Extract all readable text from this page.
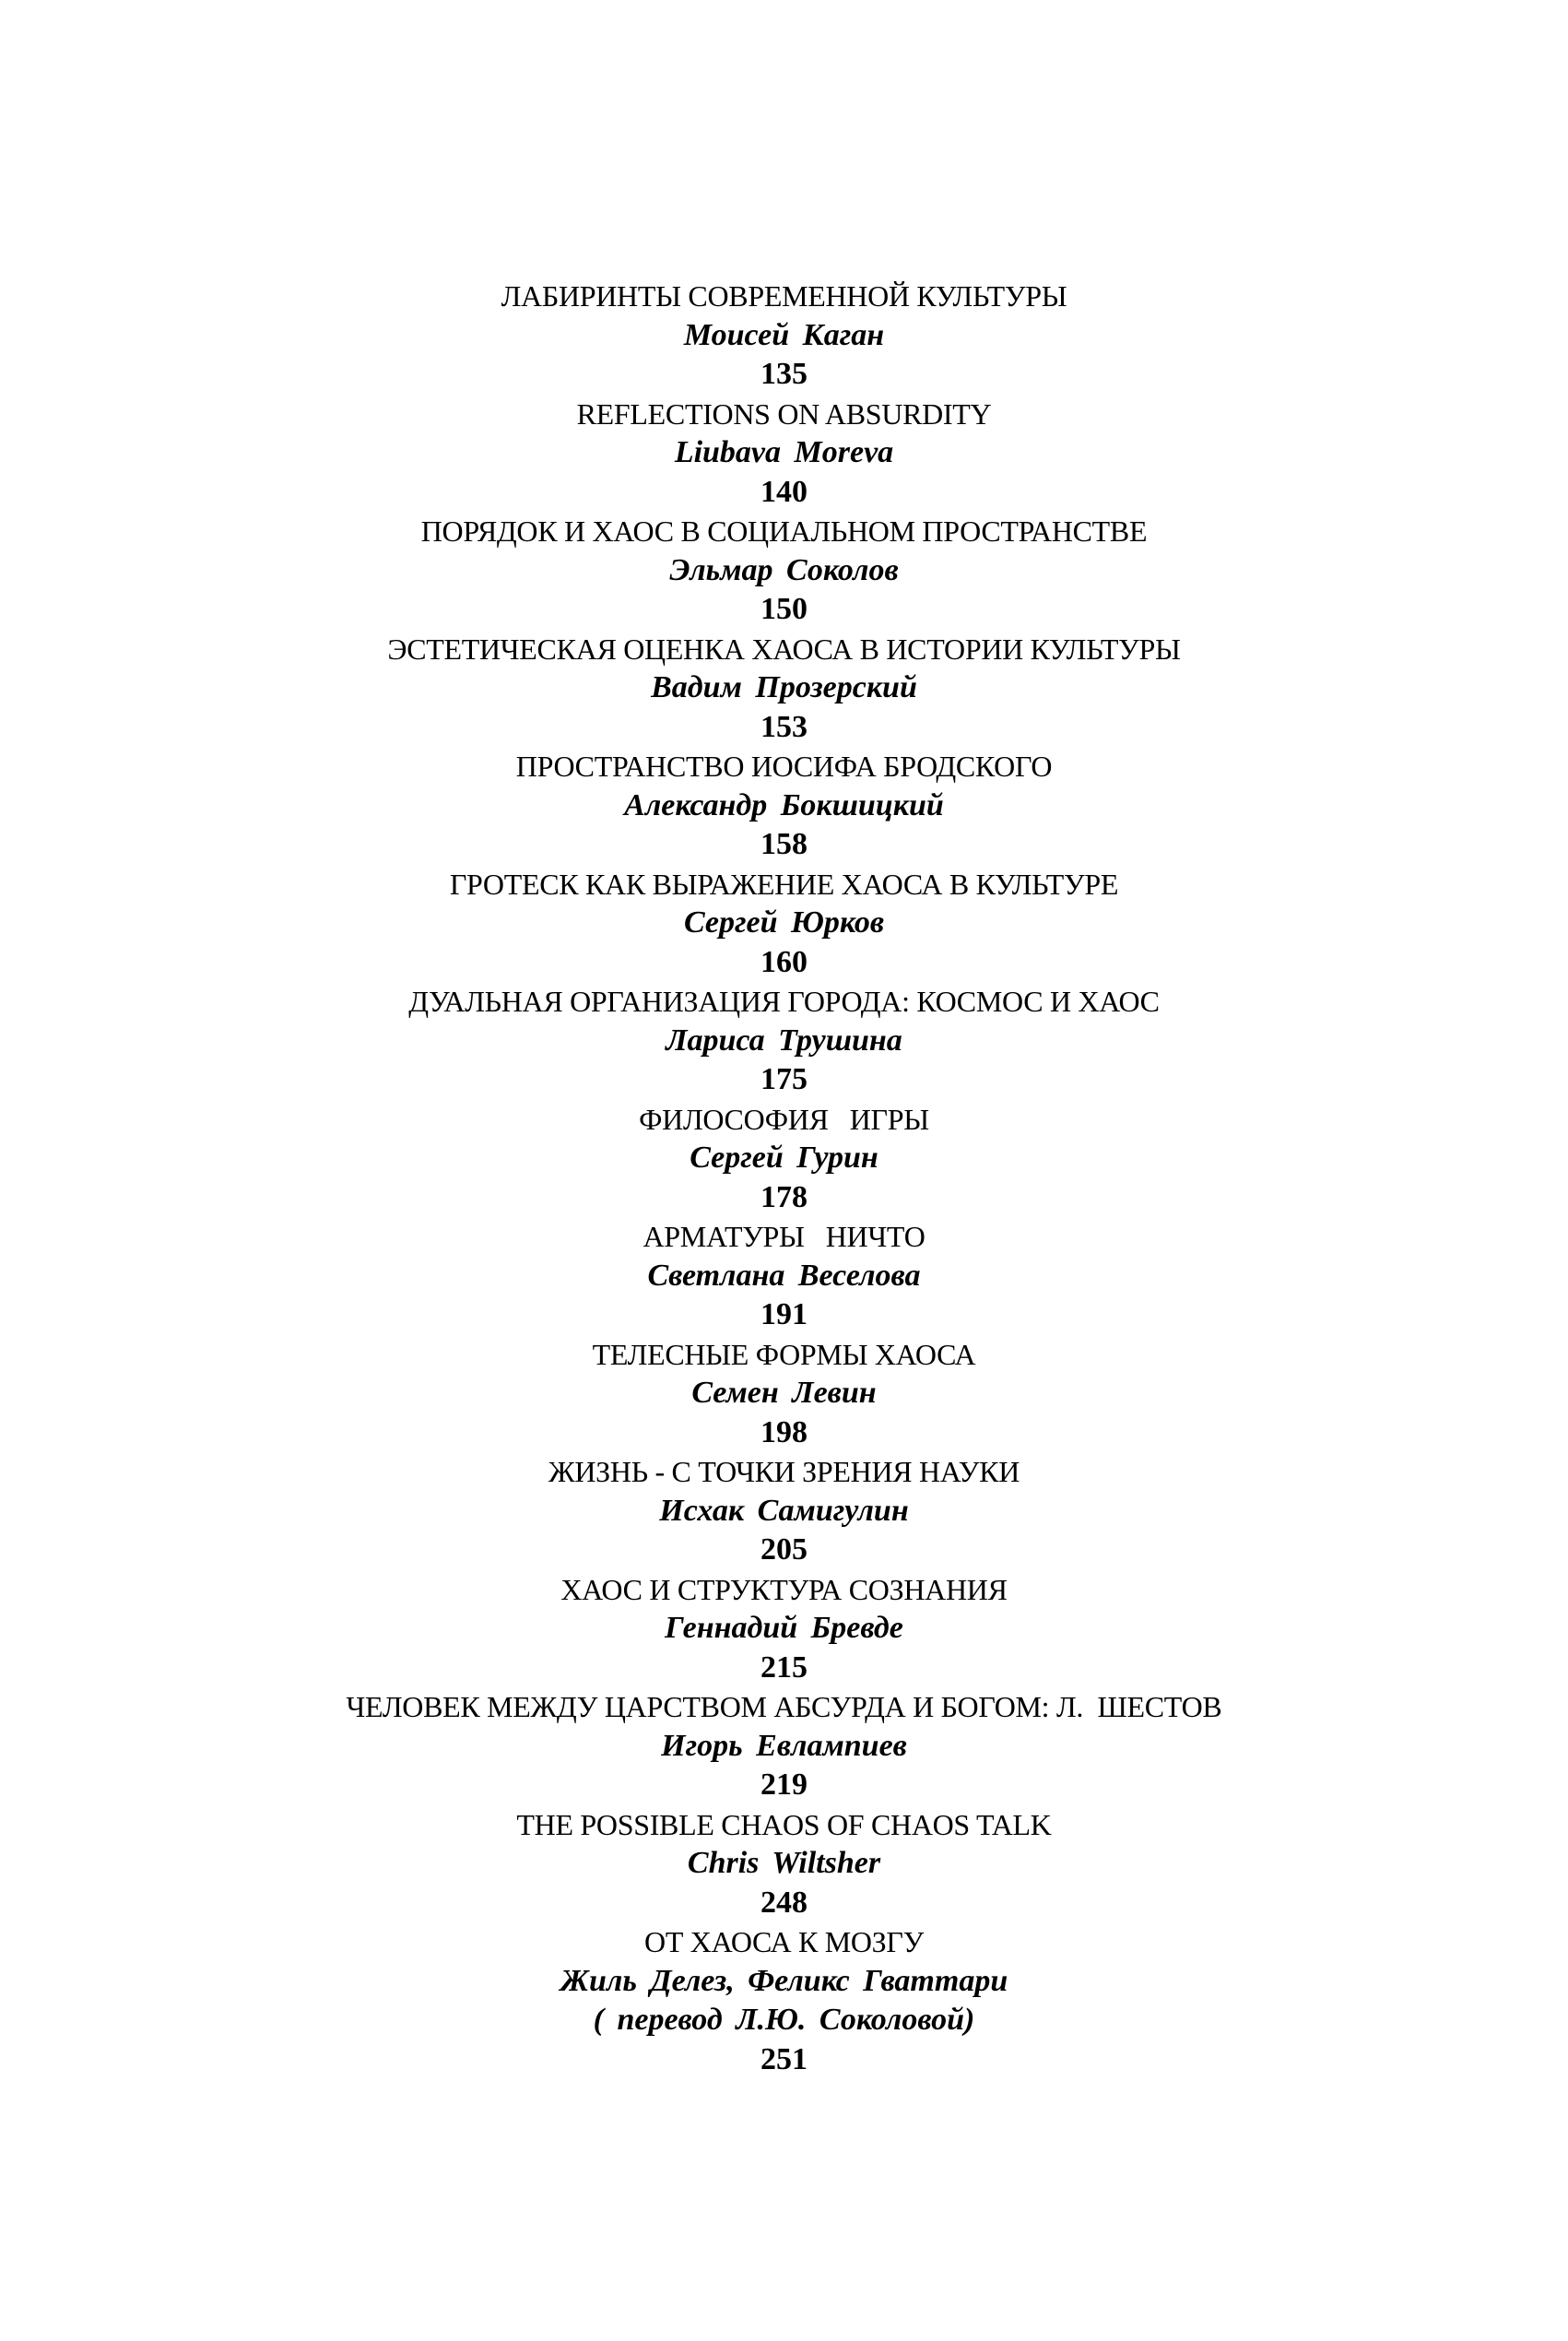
ЛАБИРИНТЫ СОВРЕМЕННОЙ КУЛЬТУРЫ
Моисей Каган
135
REFLECTIONS ON ABSURDITY
Liubava Moreva
140
ПОРЯДОК И ХАОС В СОЦИАЛЬНОМ ПРОСТРАНСТВЕ
Эльмар Соколов
150
ЭСТЕТИЧЕСКАЯ ОЦЕНКА ХАОСА В ИСТОРИИ КУЛЬТУРЫ
Вадим Прозерский
153
ПРОСТРАНСТВО ИОСИФА БРОДСКОГО
Александр Бокшицкий
158
ГРОТЕСК КАК ВЫРАЖЕНИЕ ХАОСА В КУЛЬТУРЕ
Сергей Юрков
160
ДУАЛЬНАЯ ОРГАНИЗАЦИЯ ГОРОДА: КОСМОС И ХАОС
Лариса Трушина
175
ФИЛОСОФИЯ   ИГРЫ
Сергей Гурин
178
АРМАТУРЫ   НИЧТО
Светлана Веселова
191
ТЕЛЕСНЫЕ ФОРМЫ ХАОСА
Семен Левин
198
ЖИЗНЬ - С ТОЧКИ ЗРЕНИЯ НАУКИ
Исхак Самигулин
205
ХАОС И СТРУКТУРА СОЗНАНИЯ
Геннадий Бревде
215
ЧЕЛОВЕК МЕЖДУ ЦАРСТВОМ АБСУРДА И БОГОМ: Л.  ШЕСТОВ
Игорь Евлампиев
219
THE POSSIBLE CHAOS OF CHAOS TALK
Chris Wiltsher
248
ОТ ХАОСА К МОЗГУ
Жиль Делез, Феликс Гваттари
( перевод Л.Ю. Соколовой)
251
